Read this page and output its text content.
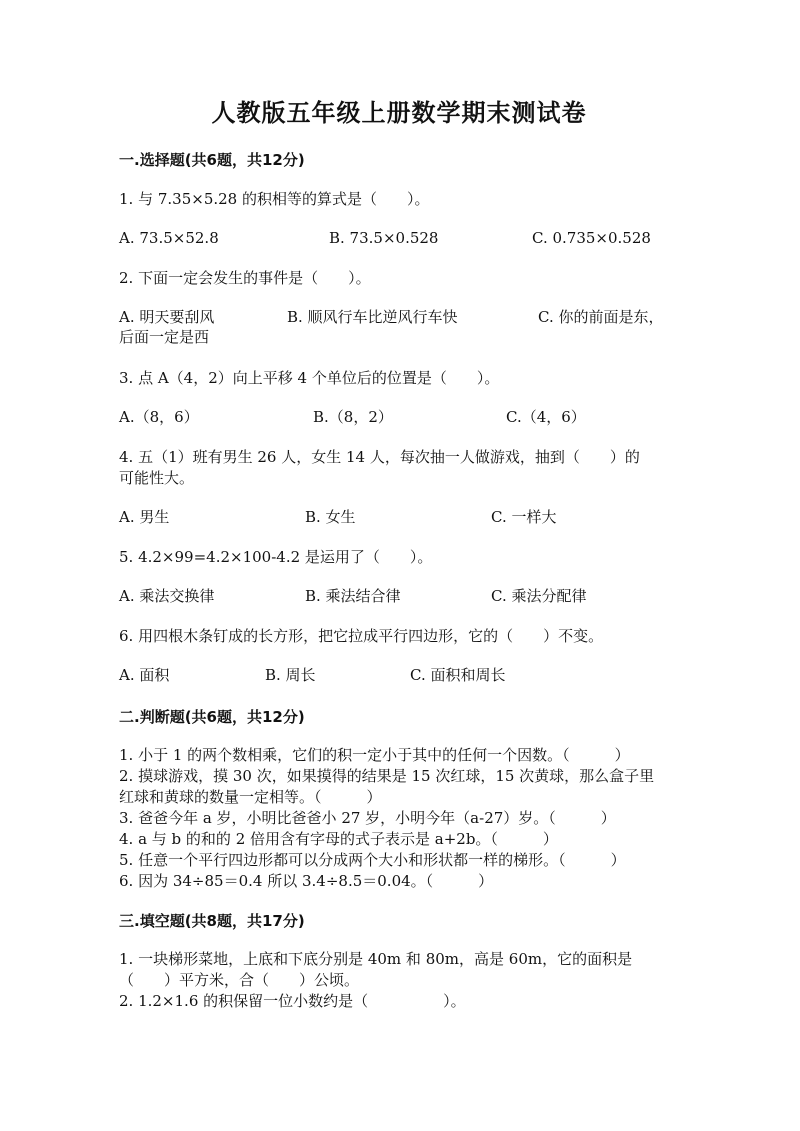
人教版五年级上册数学期末测试卷
一.选择题(共6题，共12分)
1. 与 7.35×5.28 的积相等的算式是（　　）。
A. 73.5×52.8	B. 73.5×0.528	C. 0.735×0.528
2. 下面一定会发生的事件是（　　）。
A. 明天要刮风	B. 顺风行车比逆风行车快	C. 你的前面是东，
后面一定是西
3. 点 A（4，2）向上平移 4 个单位后的位置是（　　）。
A.（8，6）	B.（8，2）	C.（4，6）
4. 五（1）班有男生 26 人，女生 14 人，每次抽一人做游戏，抽到（　　）的
可能性大。
A. 男生	B. 女生	C. 一样大
5. 4.2×99=4.2×100-4.2 是运用了（　　）。
A. 乘法交换律	B. 乘法结合律	C. 乘法分配律
6. 用四根木条钉成的长方形，把它拉成平行四边形，它的（　　）不变。
A. 面积	B. 周长	C. 面积和周长
二.判断题(共6题，共12分)
1. 小于 1 的两个数相乘，它们的积一定小于其中的任何一个因数。（　　　）
2. 摸球游戏，摸 30 次，如果摸得的结果是 15 次红球，15 次黄球，那么盒子里
红球和黄球的数量一定相等。（　　　）
3. 爸爸今年 a 岁，小明比爸爸小 27 岁，小明今年（a-27）岁。（　　　）
4. a 与 b 的和的 2 倍用含有字母的式子表示是 a+2b。（　　　）
5. 任意一个平行四边形都可以分成两个大小和形状都一样的梯形。（　　　）
6. 因为 34÷85＝0.4 所以 3.4÷8.5＝0.04。（　　　）
三.填空题(共8题，共17分)
1. 一块梯形菜地，上底和下底分别是 40m 和 80m，高是 60m，它的面积是
（　　）平方米，合（　　）公顷。
2. 1.2×1.6 的积保留一位小数约是（　　　　　）。
